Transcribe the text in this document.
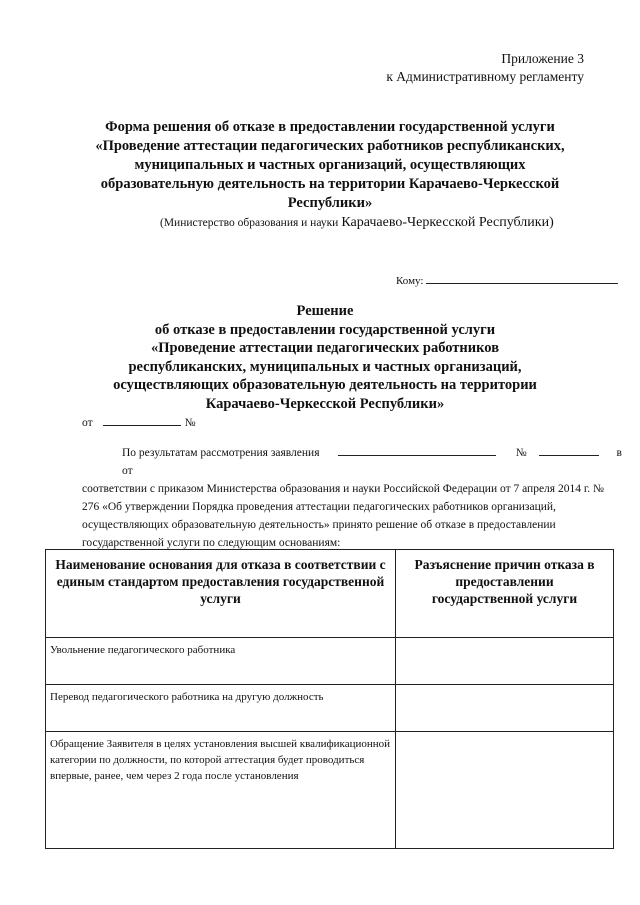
Приложение 3
к Административному регламенту
Форма решения об отказе в предоставлении государственной услуги
«Проведение аттестации педагогических работников республиканских,
муниципальных и частных организаций, осуществляющих
образовательную деятельность на территории Карачаево-Черкесской
Республики»
(Министерство образования и науки Карачаево-Черкесской Республики)
Кому:
Решение
об отказе в предоставлении государственной услуги
«Проведение аттестации педагогических работников
республиканских, муниципальных и частных организаций,
осуществляющих образовательную деятельность на территории
Карачаево-Черкесской Республики»
от	№
По результатам рассмотрения заявления от
№	в
соответствии с приказом Министерства образования и науки Российской Федерации от 7 апреля 2014 г. № 276 «Об утверждении Порядка проведения аттестации педагогических работников организаций, осуществляющих образовательную деятельность» принято решение об отказе в предоставлении государственной услуги по следующим основаниям:
Наименование основания для отказа в соответствии с единым стандартом предоставления государственной услуги	Разъяснение причин отказа в предоставлении государственной услуги
Увольнение педагогического работника	
Перевод педагогического работника на другую должность	
Обращение Заявителя в целях установления высшей квалификационной категории по должности, по которой аттестация будет проводиться впервые, ранее, чем через 2 года после установления	
